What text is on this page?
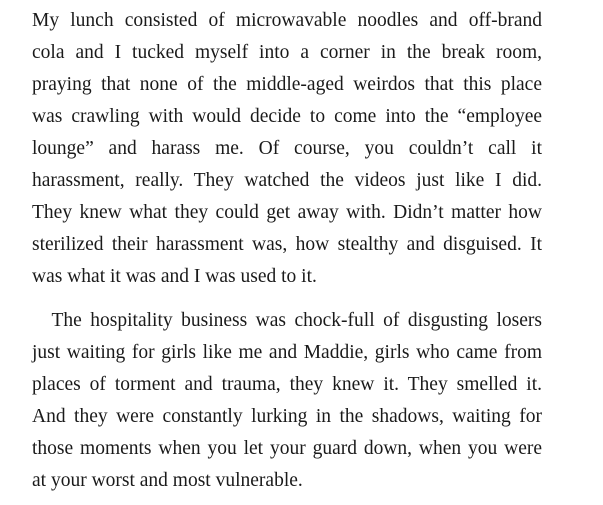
My lunch consisted of microwavable noodles and off-brand
cola and I tucked myself into a corner in the break room,
praying that none of the middle-aged weirdos that this place
was crawling with would decide to come into the “employee
lounge” and harass me. Of course, you couldn’t call it
harassment, really. They watched the videos just like I did.
They knew what they could get away with. Didn’t matter how
sterilized their harassment was, how stealthy and disguised. It
was what it was and I was used to it.

 The hospitality business was chock-full of disgusting losers
just waiting for girls like me and Maddie, girls who came from
places of torment and trauma, they knew it. They smelled it.
And they were constantly lurking in the shadows, waiting for
those moments when you let your guard down, when you were
at your worst and most vulnerable.
